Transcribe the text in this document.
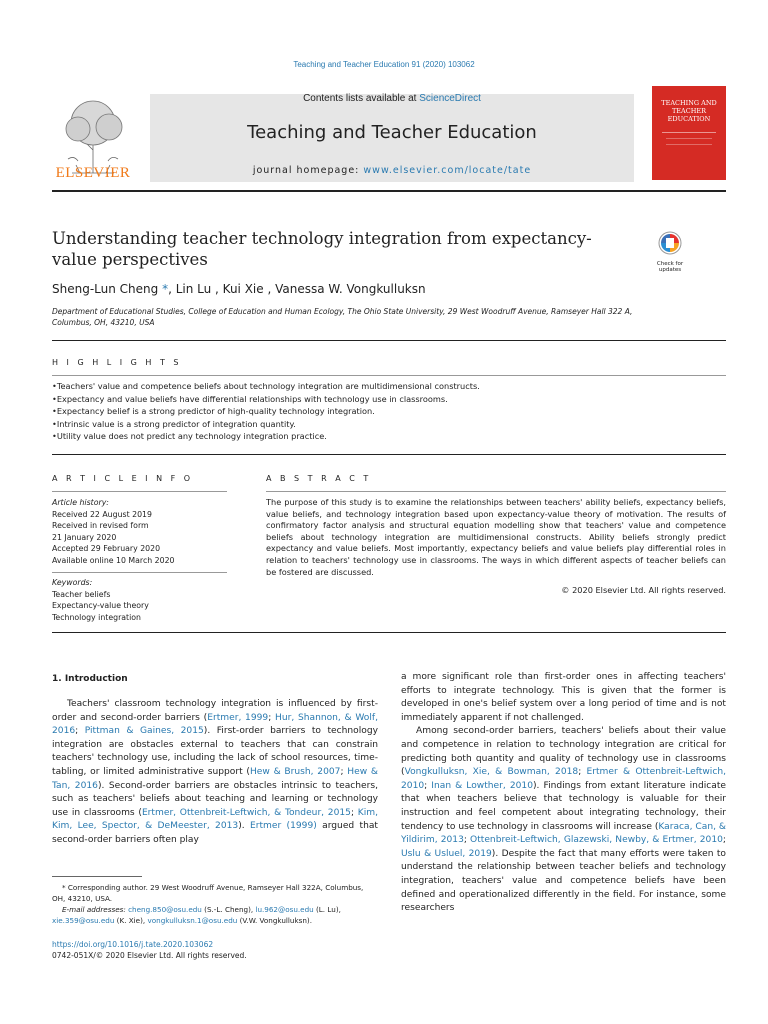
Teaching and Teacher Education 91 (2020) 103062
ELSEVIER
Contents lists available at ScienceDirect
Teaching and Teacher Education
journal homepage: www.elsevier.com/locate/tate
TEACHING AND TEACHER EDUCATION
Understanding teacher technology integration from expectancy-value perspectives	Check for updates
Sheng-Lun Cheng *, Lin Lu , Kui Xie , Vanessa W. Vongkulluksn
Department of Educational Studies, College of Education and Human Ecology, The Ohio State University, 29 West Woodruff Avenue, Ramseyer Hall 322 A, Columbus, OH, 43210, USA
H I G H L I G H T S
• Teachers' value and competence beliefs about technology integration are multidimensional constructs.
• Expectancy and value beliefs have differential relationships with technology use in classrooms.
• Expectancy belief is a strong predictor of high-quality technology integration.
• Intrinsic value is a strong predictor of integration quantity.
• Utility value does not predict any technology integration practice.
A R T I C L E I N F O	A B S T R A C T
Article history:
Received 22 August 2019
Received in revised form
21 January 2020
Accepted 29 February 2020
Available online 10 March 2020
Keywords:
Teacher beliefs
Expectancy-value theory
Technology integration
The purpose of this study is to examine the relationships between teachers' ability beliefs, expectancy beliefs, value beliefs, and technology integration based upon expectancy-value theory of motivation. The results of confirmatory factor analysis and structural equation modelling show that teachers' value and competence beliefs about technology integration are multidimensional constructs. Ability beliefs strongly predict expectancy and value beliefs. Most importantly, expectancy beliefs and value beliefs play differential roles in relation to teachers' technology use in classrooms. The ways in which different aspects of teacher beliefs can be fostered are discussed.
© 2020 Elsevier Ltd. All rights reserved.
1. Introduction

Teachers' classroom technology integration is influenced by first-order and second-order barriers (Ertmer, 1999; Hur, Shannon, & Wolf, 2016; Pittman & Gaines, 2015). First-order barriers to technology integration are obstacles external to teachers that can constrain teachers' technology use, including the lack of school resources, time-tabling, or limited administrative support (Hew & Brush, 2007; Hew & Tan, 2016). Second-order barriers are obstacles intrinsic to teachers, such as teachers' beliefs about teaching and learning or technology use in classrooms (Ertmer, Ottenbreit-Leftwich, & Tondeur, 2015; Kim, Kim, Lee, Spector, & DeMeester, 2013). Ertmer (1999) argued that second-order barriers often play

a more significant role than first-order ones in affecting teachers' efforts to integrate technology. This is given that the former is developed in one's belief system over a long period of time and is not immediately apparent if not challenged.

Among second-order barriers, teachers' beliefs about their value and competence in relation to technology integration are critical for predicting both quantity and quality of technology use in classrooms (Vongkulluksn, Xie, & Bowman, 2018; Ertmer & Ottenbreit-Leftwich, 2010; Inan & Lowther, 2010). Findings from extant literature indicate that when teachers believe that technology is valuable for their instruction and feel competent about integrating technology, their tendency to use technology in classrooms will increase (Karaca, Can, & Yildirim, 2013; Ottenbreit-Leftwich, Glazewski, Newby, & Ertmer, 2010; Uslu & Usluel, 2019). Despite the fact that many efforts were taken to understand the relationship between teacher beliefs and technology integration, teachers' value and competence beliefs have been defined and operationalized differently in the field. For instance, some researchers

* Corresponding author. 29 West Woodruff Avenue, Ramseyer Hall 322A, Columbus, OH, 43210, USA.
E-mail addresses: cheng.850@osu.edu (S.-L. Cheng), lu.962@osu.edu (L. Lu), xie.359@osu.edu (K. Xie), vongkulluksn.1@osu.edu (V.W. Vongkulluksn).
https://doi.org/10.1016/j.tate.2020.103062
0742-051X/© 2020 Elsevier Ltd. All rights reserved.
